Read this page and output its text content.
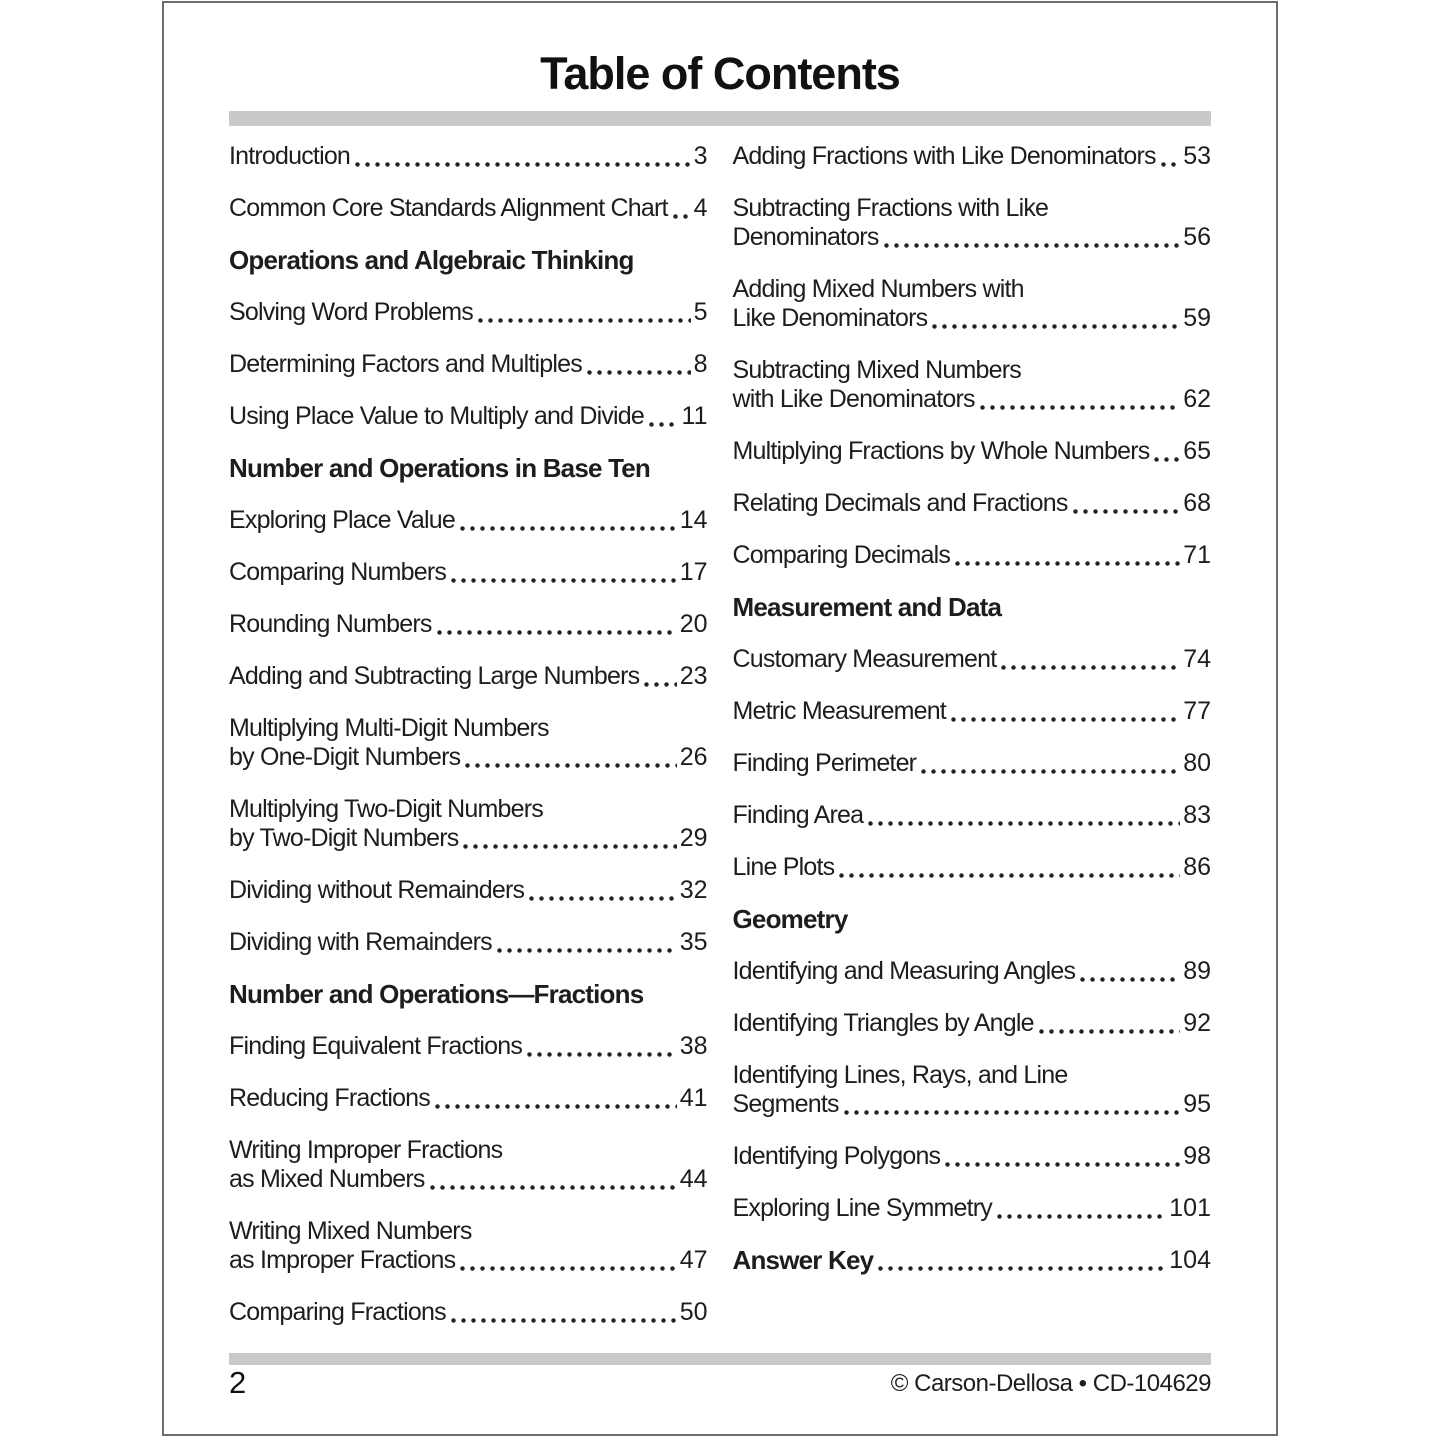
Table of Contents
Introduction	3
Common Core Standards Alignment Chart 4
Operations and Algebraic Thinking
Solving Word Problems	5
Determining Factors and Multiples	8
Using Place Value to Multiply and Divide 11
Number and Operations in Base Ten
Exploring Place Value	14
Comparing Numbers	17
Rounding Numbers	20
Adding and Subtracting Large Numbers 23
Multiplying Multi-Digit Numbers
by One-Digit Numbers	26
Multiplying Two-Digit Numbers
by Two-Digit Numbers	29
Dividing without Remainders	32
Dividing with Remainders	35
Number and Operations—Fractions
Finding Equivalent Fractions	38
Reducing Fractions	41
Writing Improper Fractions
as Mixed Numbers	44
Writing Mixed Numbers
as Improper Fractions	47
Comparing Fractions	50
Adding Fractions with Like Denominators 53
Subtracting Fractions with Like
Denominators	56
Adding Mixed Numbers with
Like Denominators	59
Subtracting Mixed Numbers
with Like Denominators	62
Multiplying Fractions by Whole Numbers 65
Relating Decimals and Fractions	68
Comparing Decimals	71
Measurement and Data
Customary Measurement	74
Metric Measurement	77
Finding Perimeter	80
Finding Area	83
Line Plots	86
Geometry
Identifying and Measuring Angles	89
Identifying Triangles by Angle	92
Identifying Lines, Rays, and Line
Segments	95
Identifying Polygons	98
Exploring Line Symmetry	101
Answer Key	104
2	© Carson-Dellosa • CD-104629
